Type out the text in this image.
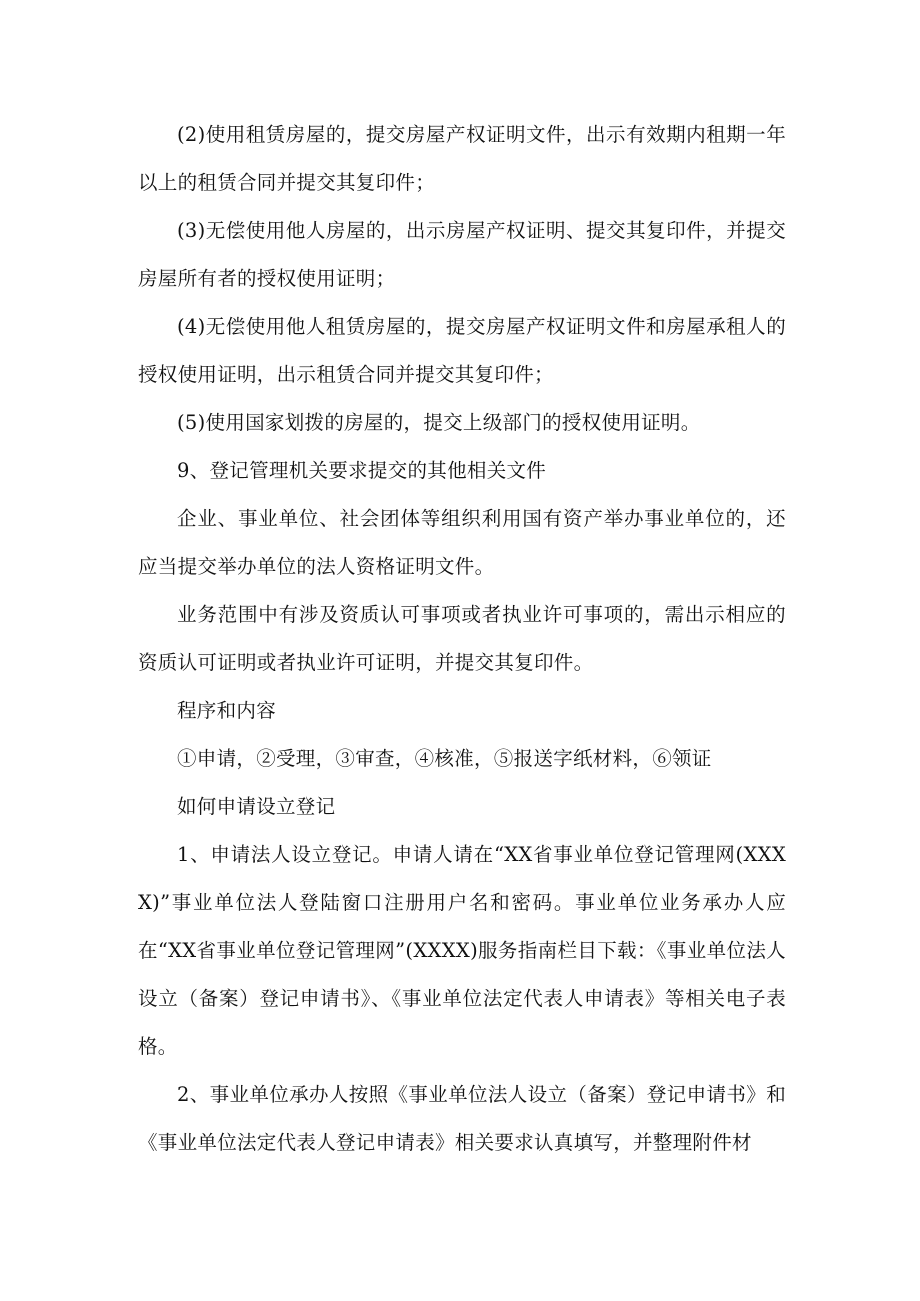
(2)使用租赁房屋的，提交房屋产权证明文件，出示有效期内租期一年以上的租赁合同并提交其复印件；

(3)无偿使用他人房屋的，出示房屋产权证明、提交其复印件，并提交房屋所有者的授权使用证明；

(4)无偿使用他人租赁房屋的，提交房屋产权证明文件和房屋承租人的授权使用证明，出示租赁合同并提交其复印件；

(5)使用国家划拨的房屋的，提交上级部门的授权使用证明。

9、登记管理机关要求提交的其他相关文件

企业、事业单位、社会团体等组织利用国有资产举办事业单位的，还应当提交举办单位的法人资格证明文件。

业务范围中有涉及资质认可事项或者执业许可事项的，需出示相应的资质认可证明或者执业许可证明，并提交其复印件。

程序和内容

①申请，②受理，③审查，④核准，⑤报送字纸材料，⑥领证

如何申请设立登记

1、申请法人设立登记。申请人请在“XX省事业单位登记管理网(XXXX)”事业单位法人登陆窗口注册用户名和密码。事业单位业务承办人应在“XX省事业单位登记管理网”(XXXX)服务指南栏目下载：《事业单位法人设立（备案）登记申请书》、《事业单位法定代表人申请表》等相关电子表格。

2、事业单位承办人按照《事业单位法人设立（备案）登记申请书》和《事业单位法定代表人登记申请表》相关要求认真填写，并整理附件材
